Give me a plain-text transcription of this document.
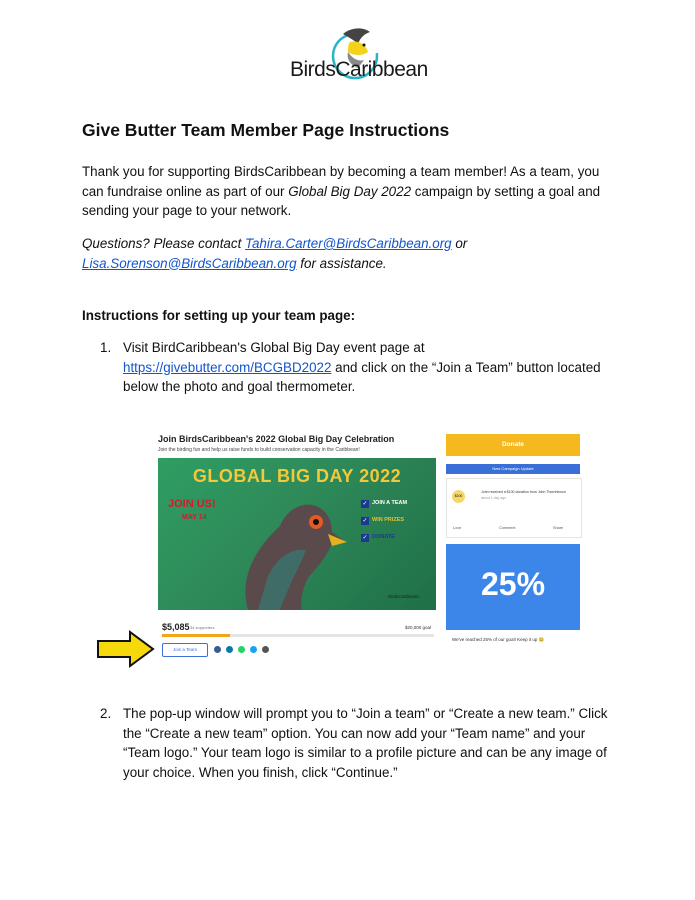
BirdsCaribbean
Give Butter Team Member Page Instructions

Thank you for supporting BirdsCaribbean by becoming a team member! As a team, you can fundraise online as part of our Global Big Day 2022 campaign by setting a goal and sending your page to your network.

Questions? Please contact Tahira.Carter@BirdsCaribbean.org or Lisa.Sorenson@BirdsCaribbean.org for assistance.

Instructions for setting up your team page:
1. Visit BirdCaribbean's Global Big Day event page at https://givebutter.com/BCGBD2022 and click on the “Join a Team” button located below the photo and goal thermometer.
Join BirdsCaribbean's 2022 Global Big Day Celebration
Join the birding fun and help us raise funds to build conservation capacity in the Caribbean!
GLOBAL BIG DAY 2022
JOIN US!
MAY 14
✓
✓
✓
JOIN A TEAM
WIN PRIZES
DONATE
BirdsCaribbean
$5,085 34 supporters	$20,000 goal
Join a Team
Donate
New Campaign Update
$100
John received a $100 donation from John Thornhinson
about 1 day ago
Love	Comment	Share
25%
We've reached 25% of our goal! Keep it up 😊
2. The pop-up window will prompt you to “Join a team” or “Create a new team.” Click the “Create a new team” option. You can now add your “Team name” and your “Team logo.” Your team logo is similar to a profile picture and can be any image of your choice. When you finish, click “Continue.”
